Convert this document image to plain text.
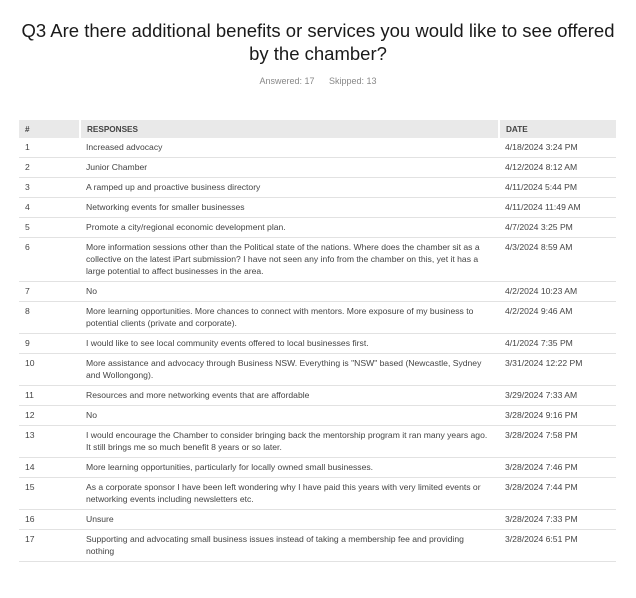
Q3 Are there additional benefits or services you would like to see offered by the chamber?
Answered: 17 Skipped: 13
#	RESPONSES	DATE
1	Increased advocacy	4/18/2024 3:24 PM
2	Junior Chamber	4/12/2024 8:12 AM
3	A ramped up and proactive business directory	4/11/2024 5:44 PM
4	Networking events for smaller businesses	4/11/2024 11:49 AM
5	Promote a city/regional economic development plan.	4/7/2024 3:25 PM
6	More information sessions other than the Political state of the nations. Where does the chamber sit as a collective on the latest iPart submission? I have not seen any info from the chamber on this, yet it has a large potential to affect businesses in the area.	4/3/2024 8:59 AM
7	No	4/2/2024 10:23 AM
8	More learning opportunities. More chances to connect with mentors. More exposure of my business to potential clients (private and corporate).	4/2/2024 9:46 AM
9	I would like to see local community events offered to local businesses first.	4/1/2024 7:35 PM
10	More assistance and advocacy through Business NSW. Everything is "NSW" based (Newcastle, Sydney and Wollongong).	3/31/2024 12:22 PM
11	Resources and more networking events that are affordable	3/29/2024 7:33 AM
12	No	3/28/2024 9:16 PM
13	I would encourage the Chamber to consider bringing back the mentorship program it ran many years ago. It still brings me so much benefit 8 years or so later.	3/28/2024 7:58 PM
14	More learning opportunities, particularly for locally owned small businesses.	3/28/2024 7:46 PM
15	As a corporate sponsor I have been left wondering why I have paid this years with very limited events or networking events including newsletters etc.	3/28/2024 7:44 PM
16	Unsure	3/28/2024 7:33 PM
17	Supporting and advocating small business issues instead of taking a membership fee and providing nothing	3/28/2024 6:51 PM
